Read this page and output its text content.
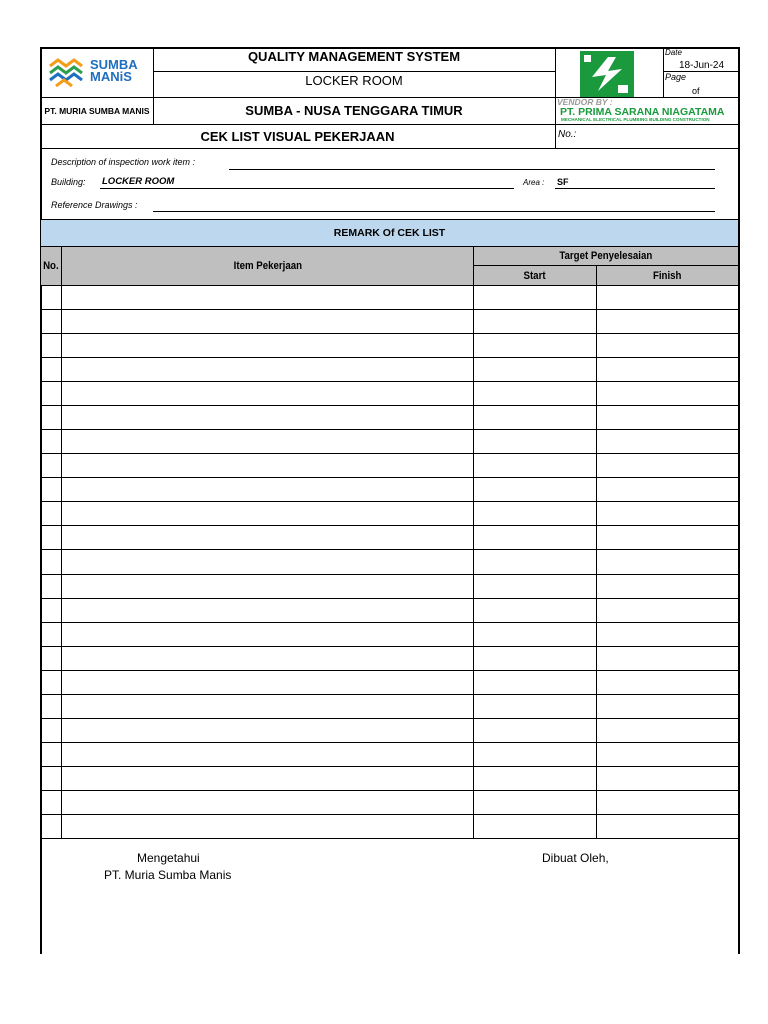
SUMBA
MANiS
PT. MURIA SUMBA MANIS
QUALITY MANAGEMENT SYSTEM
LOCKER ROOM
SUMBA - NUSA TENGGARA TIMUR
Date
18-Jun-24
Page
of
VENDOR BY :
PT. PRIMA SARANA NIAGATAMA
MECHANICAL ELECTRICAL PLUMBING BUILDING CONSTRUCTION
CEK LIST VISUAL PEKERJAAN	No.:
Description of inspection work item :
Building: LOCKER ROOM	Area : SF
Reference Drawings :
REMARK Of CEK LIST
No.	Item Pekerjaan
Target Penyelesaian
Start	Finish
Mengetahui
PT. Muria Sumba Manis
Dibuat Oleh,
